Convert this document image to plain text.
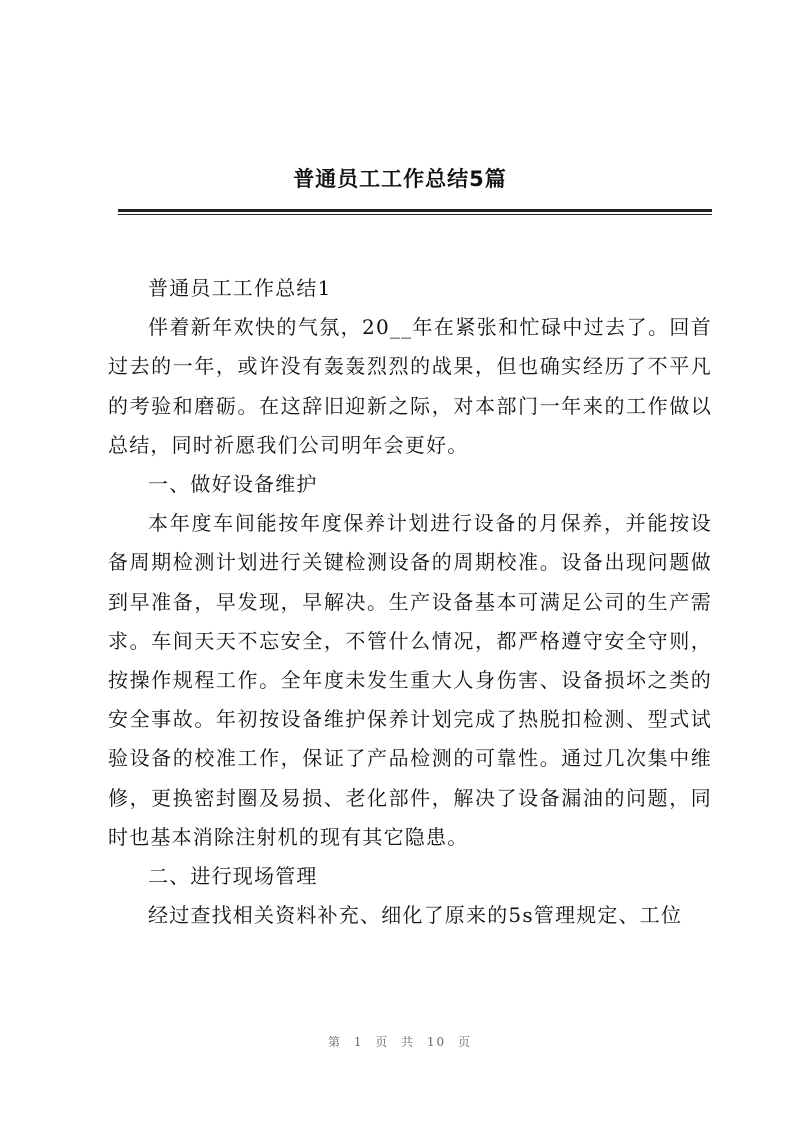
普通员工工作总结5篇

普通员工工作总结1

伴着新年欢快的气氛，20__年在紧张和忙碌中过去了。回首过去的一年，或许没有轰轰烈烈的战果，但也确实经历了不平凡的考验和磨砺。在这辞旧迎新之际，对本部门一年来的工作做以总结，同时祈愿我们公司明年会更好。

一、做好设备维护

本年度车间能按年度保养计划进行设备的月保养，并能按设备周期检测计划进行关键检测设备的周期校准。设备出现问题做到早准备，早发现，早解决。生产设备基本可满足公司的生产需求。车间天天不忘安全，不管什么情况，都严格遵守安全守则，按操作规程工作。全年度未发生重大人身伤害、设备损坏之类的安全事故。年初按设备维护保养计划完成了热脱扣检测、型式试验设备的校准工作，保证了产品检测的可靠性。通过几次集中维修，更换密封圈及易损、老化部件，解决了设备漏油的问题，同时也基本消除注射机的现有其它隐患。

二、进行现场管理

经过查找相关资料补充、细化了原来的5s管理规定、工位

第 1 页 共 10 页
